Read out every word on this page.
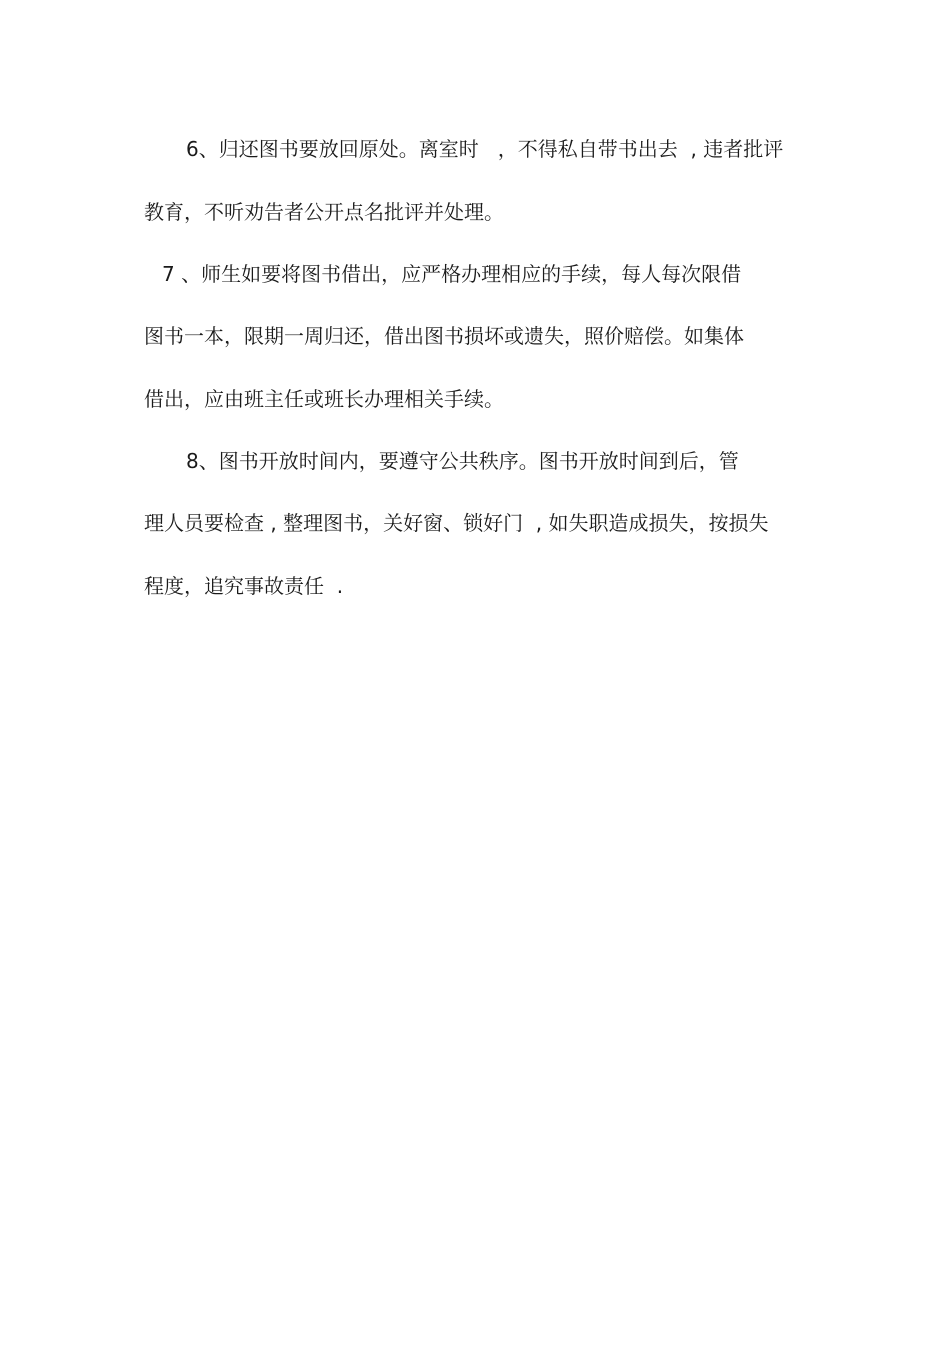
6、归还图书要放回原处。离室时   ，不得私自带书出去  , 违者批评
教育，不听劝告者公开点名批评并处理。
7 、师生如要将图书借出，应严格办理相应的手续，每人每次限借
图书一本，限期一周归还，借出图书损坏或遗失，照价赔偿。如集体
借出，应由班主任或班长办理相关手续。
8、图书开放时间内，要遵守公共秩序。图书开放时间到后，管
理人员要检查 , 整理图书，关好窗、锁好门  , 如失职造成损失，按损失
程度，追究事故责任  .
